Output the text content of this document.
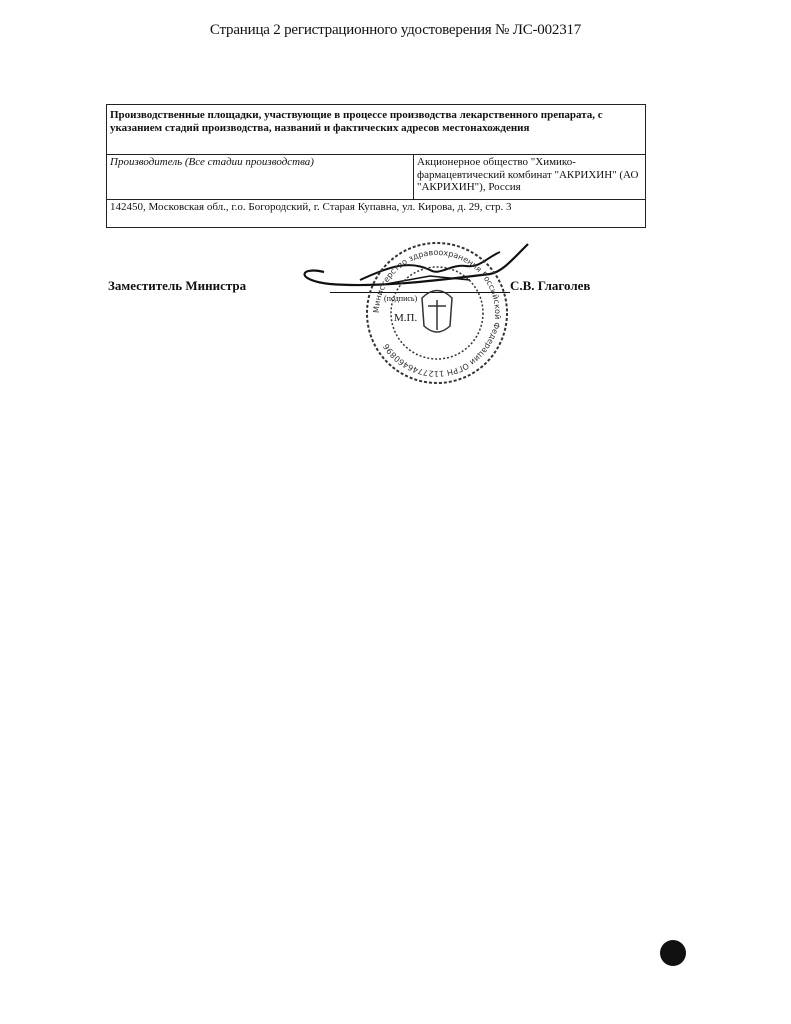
Страница 2 регистрационного удостоверения № ЛС-002317
Производственные площадки, участвующие в процессе производства лекарственного препарата, с указанием стадий производства, названий и фактических адресов местонахождения
Производитель (Все стадии производства)	Акционерное общество "Химико-фармацевтический комбинат "АКРИХИН" (АО "АКРИХИН"), Россия
142450, Московская обл., г.о. Богородский, г. Старая Купавна, ул. Кирова, д. 29, стр. 3
Заместитель Министра
(подпись)
М.П.
С.В. Глаголев
Министерство здравоохранения Российской Федерации ОГРН 1127746460896
